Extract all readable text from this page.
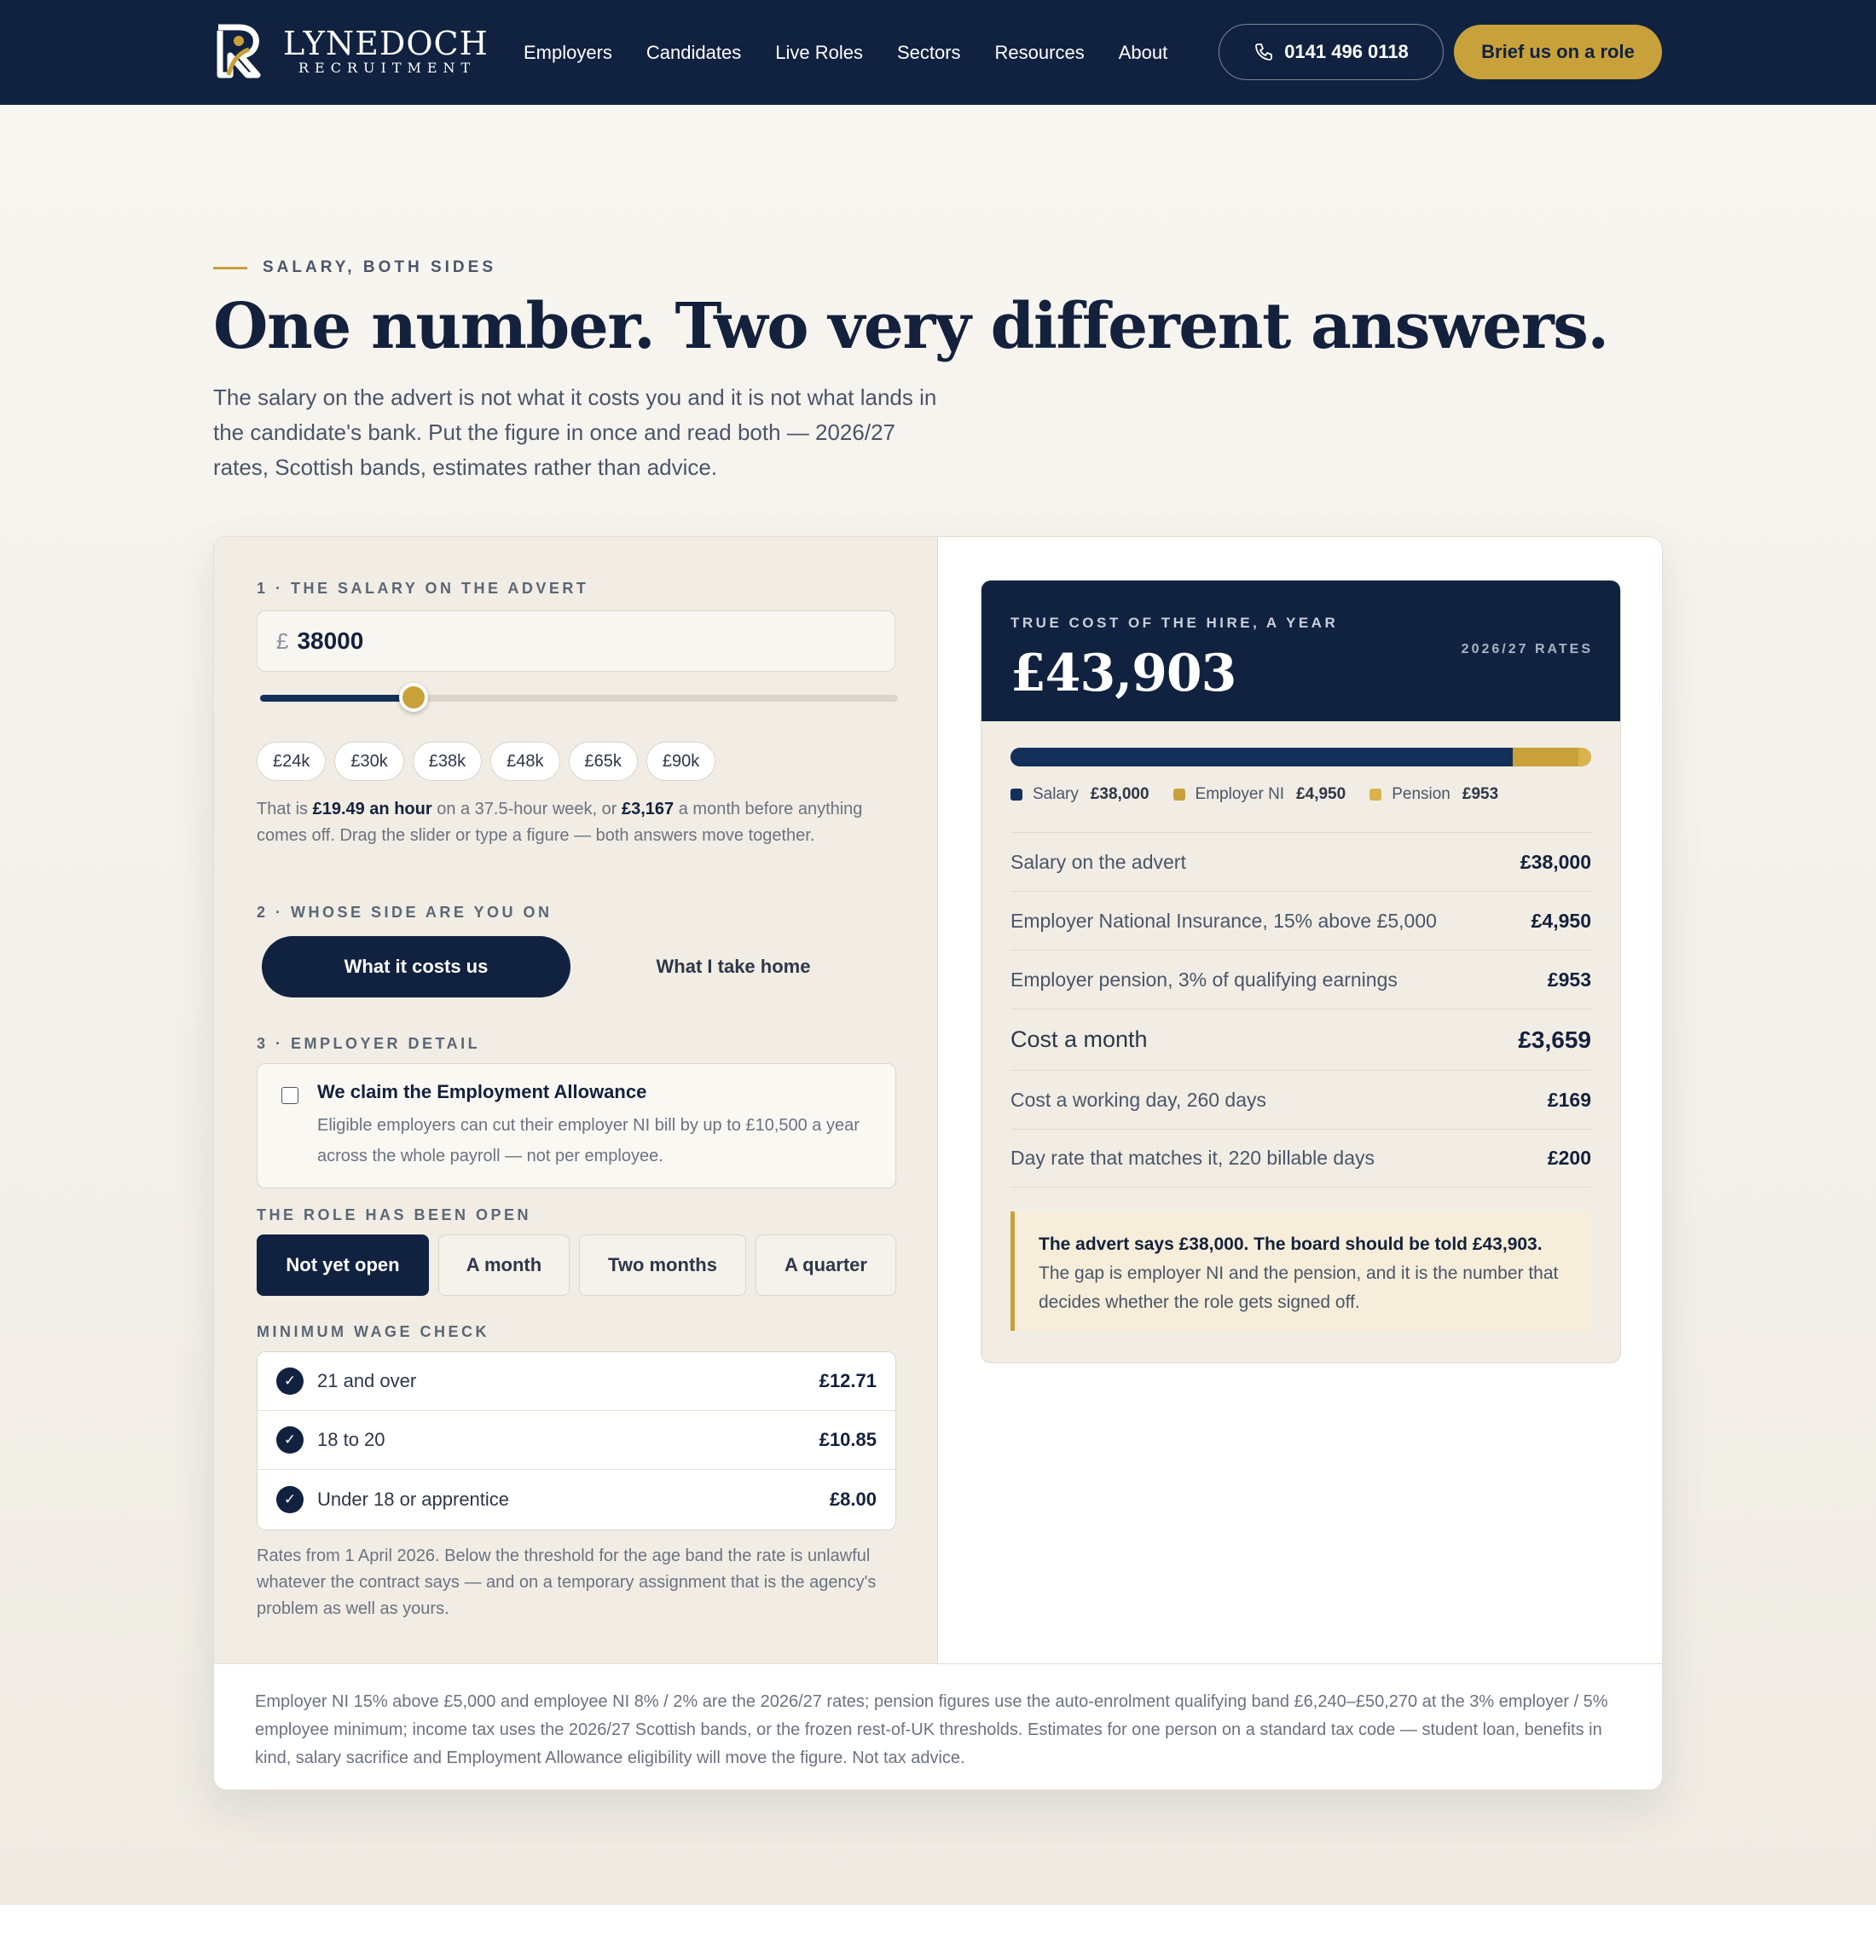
LYNEDOCH
RECRUITMENT
Employers Candidates Live Roles Sectors Resources About	0141 496 0118	Brief us on a role
SALARY, BOTH SIDES
One number. Two very different answers.

The salary on the advert is not what it costs you and it is not what lands in the candidate's bank. Put the figure in once and read both — 2026/27 rates, Scottish bands, estimates rather than advice.

1 · THE SALARY ON THE ADVERT
£
38000
£24k	£30k	£38k	£48k	£65k	£90k

That is £19.49 an hour on a 37.5-hour week, or £3,167 a month before anything comes off. Drag the slider or type a figure — both answers move together.

2 · WHOSE SIDE ARE YOU ON
What it costs us	What I take home
3 · EMPLOYER DETAIL
We claim the Employment Allowance
Eligible employers can cut their employer NI bill by up to £10,500 a year across the whole payroll — not per employee.
THE ROLE HAS BEEN OPEN
Not yet open	A month	Two months	A quarter
MINIMUM WAGE CHECK
✓	21 and over	£12.71
✓	18 to 20	£10.85
✓	Under 18 or apprentice	£8.00

Rates from 1 April 2026. Below the threshold for the age band the rate is unlawful whatever the contract says — and on a temporary assignment that is the agency's problem as well as yours.

TRUE COST OF THE HIRE, A YEAR
2026/27 RATES
£43,903
Salary £38,000	Employer NI £4,950	Pension £953
Salary on the advert	£38,000
Employer National Insurance, 15% above £5,000	£4,950
Employer pension, 3% of qualifying earnings	£953
Cost a month	£3,659
Cost a working day, 260 days	£169
Day rate that matches it, 220 billable days	£200
The advert says £38,000. The board should be told £43,903. The gap is employer NI and the pension, and it is the number that decides whether the role gets signed off.
Employer NI 15% above £5,000 and employee NI 8% / 2% are the 2026/27 rates; pension figures use the auto-enrolment qualifying band £6,240–£50,270 at the 3% employer / 5% employee minimum; income tax uses the 2026/27 Scottish bands, or the frozen rest-of-UK thresholds. Estimates for one person on a standard tax code — student loan, benefits in kind, salary sacrifice and Employment Allowance eligibility will move the figure. Not tax advice.
